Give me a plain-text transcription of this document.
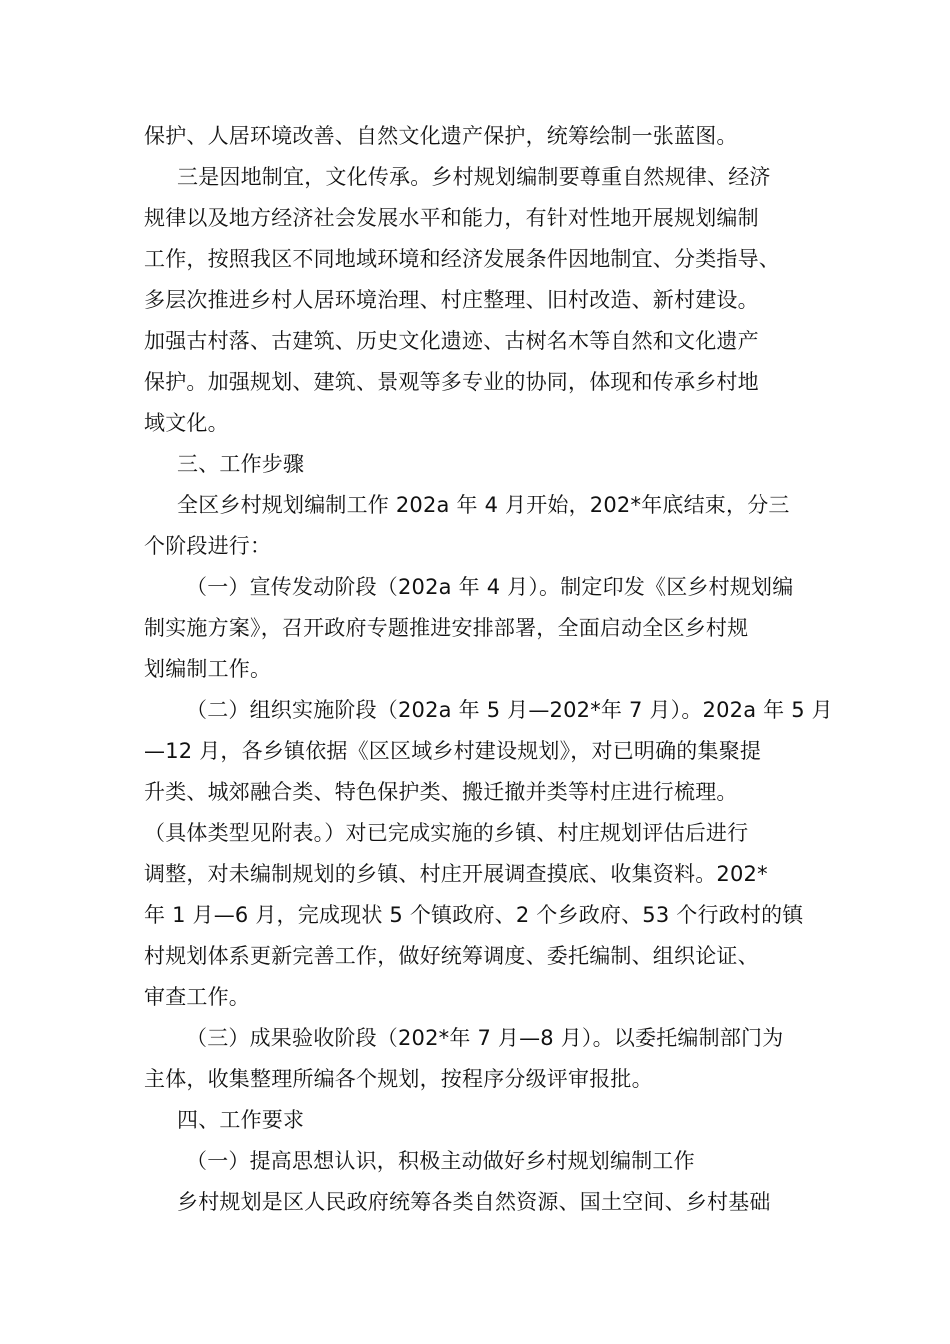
保护、人居环境改善、自然文化遗产保护，统筹绘制一张蓝图。
三是因地制宜，文化传承。乡村规划编制要尊重自然规律、经济
规律以及地方经济社会发展水平和能力，有针对性地开展规划编制
工作，按照我区不同地域环境和经济发展条件因地制宜、分类指导、
多层次推进乡村人居环境治理、村庄整理、旧村改造、新村建设。
加强古村落、古建筑、历史文化遗迹、古树名木等自然和文化遗产
保护。加强规划、建筑、景观等多专业的协同，体现和传承乡村地
域文化。
三、工作步骤
全区乡村规划编制工作 202a 年 4 月开始，202*年底结束，分三
个阶段进行：
（一）宣传发动阶段（202a 年 4 月）。制定印发《区乡村规划编
制实施方案》，召开政府专题推进安排部署，全面启动全区乡村规
划编制工作。
（二）组织实施阶段（202a 年 5 月—202*年 7 月）。202a 年 5 月
—12 月，各乡镇依据《区区域乡村建设规划》，对已明确的集聚提
升类、城郊融合类、特色保护类、搬迁撤并类等村庄进行梳理。
（具体类型见附表。）对已完成实施的乡镇、村庄规划评估后进行
调整，对未编制规划的乡镇、村庄开展调查摸底、收集资料。202*
年 1 月—6 月，完成现状 5 个镇政府、2 个乡政府、53 个行政村的镇
村规划体系更新完善工作，做好统筹调度、委托编制、组织论证、
审查工作。
（三）成果验收阶段（202*年 7 月—8 月）。以委托编制部门为
主体，收集整理所编各个规划，按程序分级评审报批。
四、工作要求
（一）提高思想认识，积极主动做好乡村规划编制工作
乡村规划是区人民政府统筹各类自然资源、国土空间、乡村基础
